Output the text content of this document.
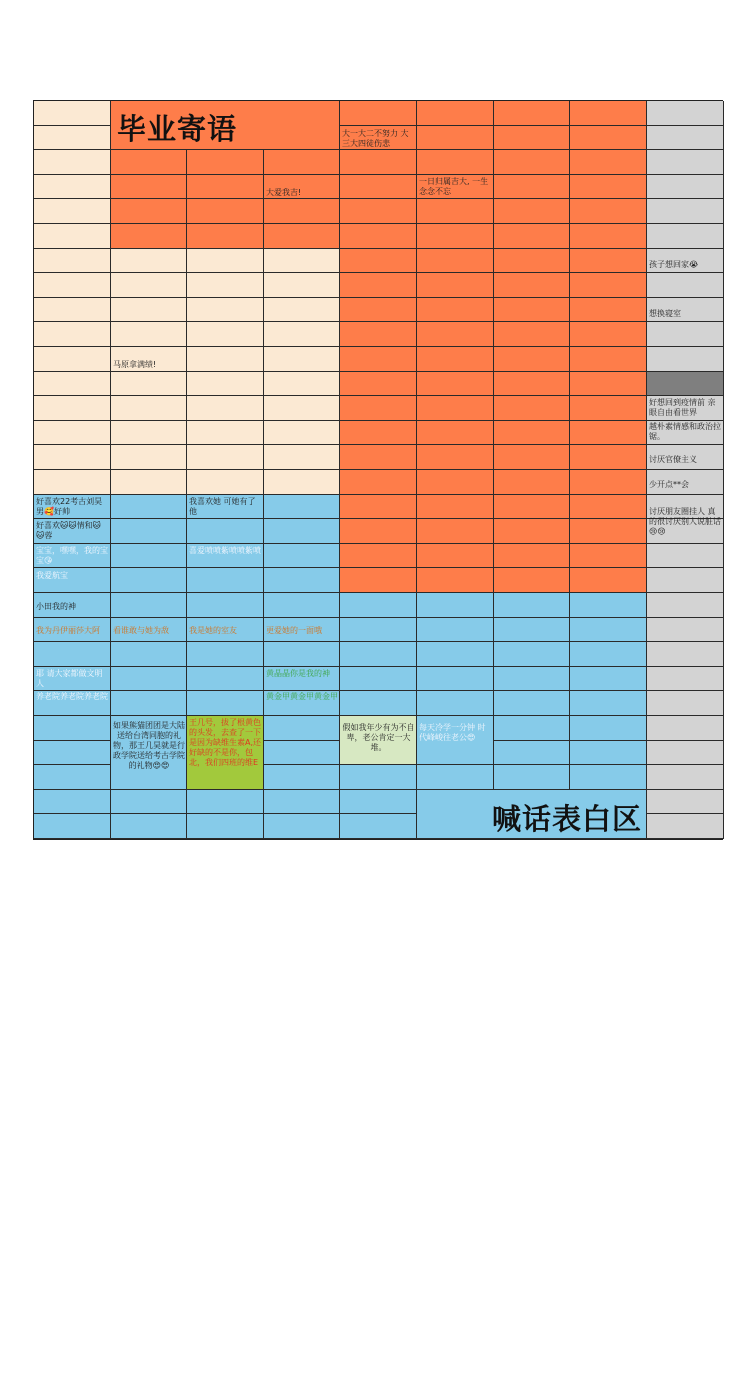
毕业寄语
喊话表白区
大一大二不努力 大三大四徒伤悲
大爱我吉!
一日归属吉大, 一生念念不忘
孩子想回家😭
想换寝室
马原拿满绩!
好想回到疫情前 亲眼自由看世界
越朴素情感和政治拉锯。
讨厌官僚主义
少开点**会
讨厌朋友圈挂人 真的很讨厌别人说脏话😢😢
好喜欢22考古刘昊男🥰好帅
我喜欢她 可她有了他
好喜欢🐱🐱情和🐱🐱蓉
宝宝，嘿嘿，我的宝宝😘
喜爱喷喷紫喷喷紫喷
我爱航宝
小田我的神
我为丹伊丽莎大阿	看谁敢与她为敌	我是她的室友	更爱她的一面哦
耶 请大家都做文明人
黄晶晶你是我的神
养老院养老院养老院	黄金甲黄金甲黄金甲
如果熊猫团团是大陆送给台湾同胞的礼物，那王几昊就是行政学院送给考古学院的礼物😍😍
王几号，拔了根黄色的头发，去查了一下是因为缺维生素A,还好缺的不是你，包北，我们四班的维E
假如我年少有为不自卑，老公肯定一大堆。
每天冷学一分钟 时代峰峻往老公😍
